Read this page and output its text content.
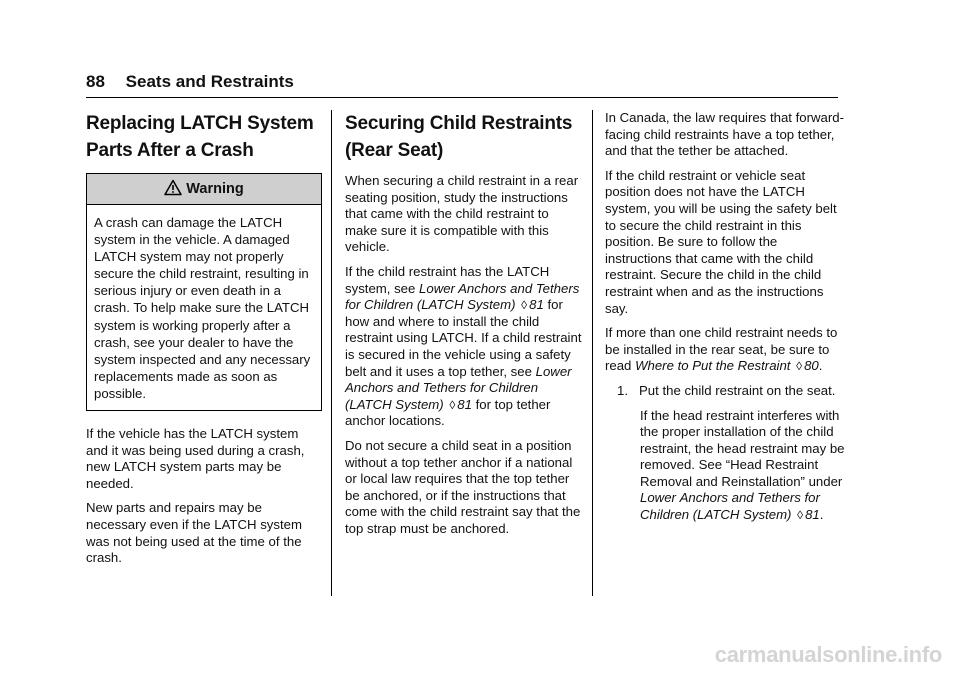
88 Seats and Restraints
Replacing LATCH System Parts After a Crash
Warning
A crash can damage the LATCH system in the vehicle. A damaged LATCH system may not properly secure the child restraint, resulting in serious injury or even death in a crash. To help make sure the LATCH system is working properly after a crash, see your dealer to have the system inspected and any necessary replacements made as soon as possible.

If the vehicle has the LATCH system and it was being used during a crash, new LATCH system parts may be needed.

New parts and repairs may be necessary even if the LATCH system was not being used at the time of the crash.

Securing Child Restraints (Rear Seat)

When securing a child restraint in a rear seating position, study the instructions that came with the child restraint to make sure it is compatible with this vehicle.

If the child restraint has the LATCH system, see Lower Anchors and Tethers for Children (LATCH System) ◊ 81 for how and where to install the child restraint using LATCH. If a child restraint is secured in the vehicle using a safety belt and it uses a top tether, see Lower Anchors and Tethers for Children (LATCH System) ◊ 81 for top tether anchor locations.

Do not secure a child seat in a position without a top tether anchor if a national or local law requires that the top tether be anchored, or if the instructions that come with the child restraint say that the top strap must be anchored.

In Canada, the law requires that forward-facing child restraints have a top tether, and that the tether be attached.

If the child restraint or vehicle seat position does not have the LATCH system, you will be using the safety belt to secure the child restraint in this position. Be sure to follow the instructions that came with the child restraint. Secure the child in the child restraint when and as the instructions say.

If more than one child restraint needs to be installed in the rear seat, be sure to read Where to Put the Restraint ◊ 80.

1. Put the child restraint on the seat.
If the head restraint interferes with the proper installation of the child restraint, the head restraint may be removed. See “Head Restraint Removal and Reinstallation” under Lower Anchors and Tethers for Children (LATCH System) ◊ 81.
carmanualsonline.info
